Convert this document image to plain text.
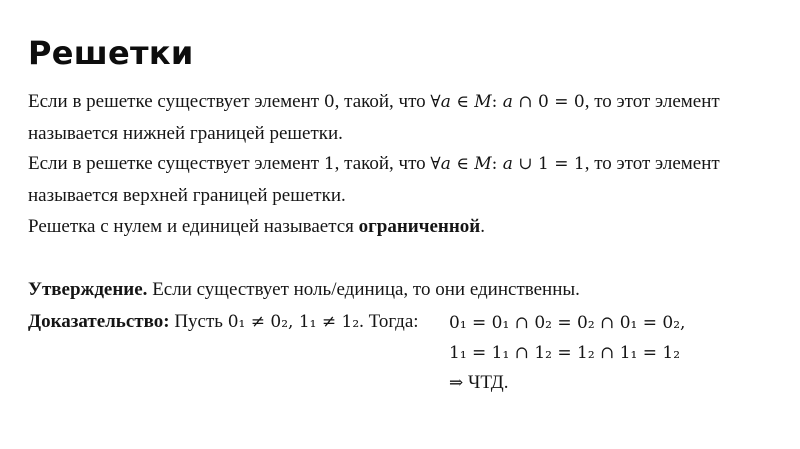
Решетки
Если в решетке существует элемент 0, такой, что ∀a ∈ M: a ∩ 0 = 0, то этот элемент
называется нижней границей решетки.
Если в решетке существует элемент 1, такой, что ∀a ∈ M: a ∪ 1 = 1, то этот элемент
называется верхней границей решетки.
Решетка с нулем и единицей называется ограниченной.
Утверждение. Если существует ноль/единица, то они единственны.
Доказательство: Пусть 0₁ ≠ 0₂, 1₁ ≠ 1₂. Тогда: 0₁ = 0₁ ∩ 0₂ = 0₂ ∩ 0₁ = 0₂,
1₁ = 1₁ ∩ 1₂ = 1₂ ∩ 1₁ = 1₂
⇒ ЧТД.
